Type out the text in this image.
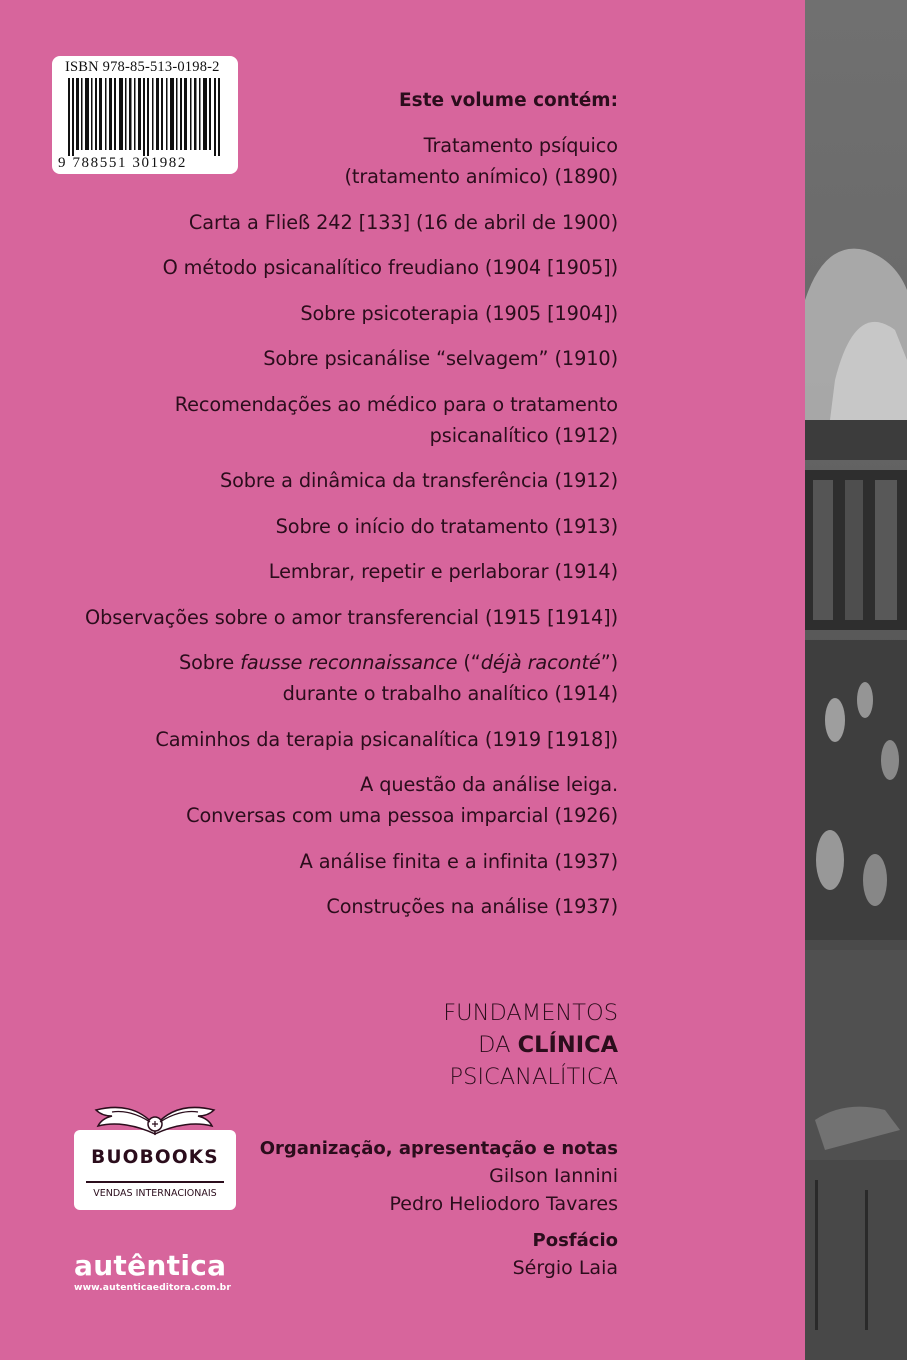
ISBN 978-85-513-0198-2
9 788551 301982
Este volume contém:
Tratamento psíquico
(tratamento anímico) (1890)
Carta a Fließ 242 [133] (16 de abril de 1900)
O método psicanalítico freudiano (1904 [1905])
Sobre psicoterapia (1905 [1904])
Sobre psicanálise “selvagem” (1910)
Recomendações ao médico para o tratamento
psicanalítico (1912)
Sobre a dinâmica da transferência (1912)
Sobre o início do tratamento (1913)
Lembrar, repetir e perlaborar (1914)
Observações sobre o amor transferencial (1915 [1914])
Sobre fausse reconnaissance (“déjà raconté”)
durante o trabalho analítico (1914)
Caminhos da terapia psicanalítica (1919 [1918])
A questão da análise leiga.
Conversas com uma pessoa imparcial (1926)
A análise finita e a infinita (1937)
Construções na análise (1937)
FUNDAMENTOS
DA CLÍNICA
PSICANALÍTICA
Organização, apresentação e notas
Gilson Iannini
Pedro Heliodoro Tavares
Posfácio
Sérgio Laia
BUOBOOKS
VENDAS INTERNACIONAIS
autêntica
www.autenticaeditora.com.br
